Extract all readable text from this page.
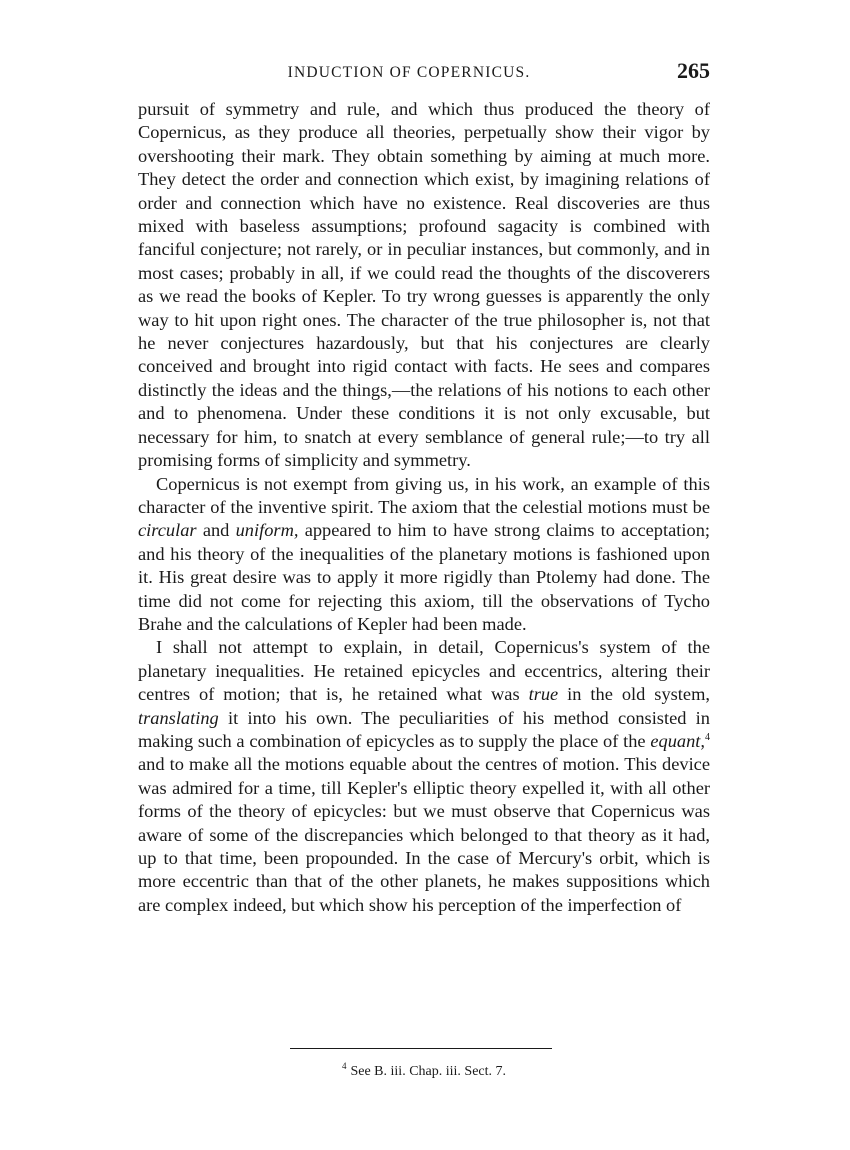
INDUCTION OF COPERNICUS.	265

pursuit of symmetry and rule, and which thus produced the theory of Copernicus, as they produce all theories, perpetually show their vigor by overshooting their mark. They obtain something by aiming at much more. They detect the order and connection which exist, by imagining relations of order and connection which have no existence. Real discoveries are thus mixed with baseless assumptions; profound sagacity is combined with fanciful conjecture; not rarely, or in peculiar instances, but commonly, and in most cases; probably in all, if we could read the thoughts of the discoverers as we read the books of Kepler. To try wrong guesses is apparently the only way to hit upon right ones. The character of the true philosopher is, not that he never conjectures hazardously, but that his conjectures are clearly conceived and brought into rigid contact with facts. He sees and compares distinctly the ideas and the things,—the relations of his notions to each other and to phenomena. Under these conditions it is not only excusable, but necessary for him, to snatch at every semblance of general rule;—to try all promising forms of simplicity and symmetry.

Copernicus is not exempt from giving us, in his work, an example of this character of the inventive spirit. The axiom that the celestial motions must be circular and uniform, appeared to him to have strong claims to acceptation; and his theory of the inequalities of the planetary motions is fashioned upon it. His great desire was to apply it more rigidly than Ptolemy had done. The time did not come for rejecting this axiom, till the observations of Tycho Brahe and the calculations of Kepler had been made.

I shall not attempt to explain, in detail, Copernicus's system of the planetary inequalities. He retained epicycles and eccentrics, altering their centres of motion; that is, he retained what was true in the old system, translating it into his own. The peculiarities of his method consisted in making such a combination of epicycles as to supply the place of the equant,$^4$ and to make all the motions equable about the centres of motion. This device was admired for a time, till Kepler's elliptic theory expelled it, with all other forms of the theory of epicycles: but we must observe that Copernicus was aware of some of the discrepancies which belonged to that theory as it had, up to that time, been propounded. In the case of Mercury's orbit, which is more eccentric than that of the other planets, he makes suppositions which are complex indeed, but which show his perception of the imperfection of

$^4$ See B. iii. Chap. iii. Sect. 7.
